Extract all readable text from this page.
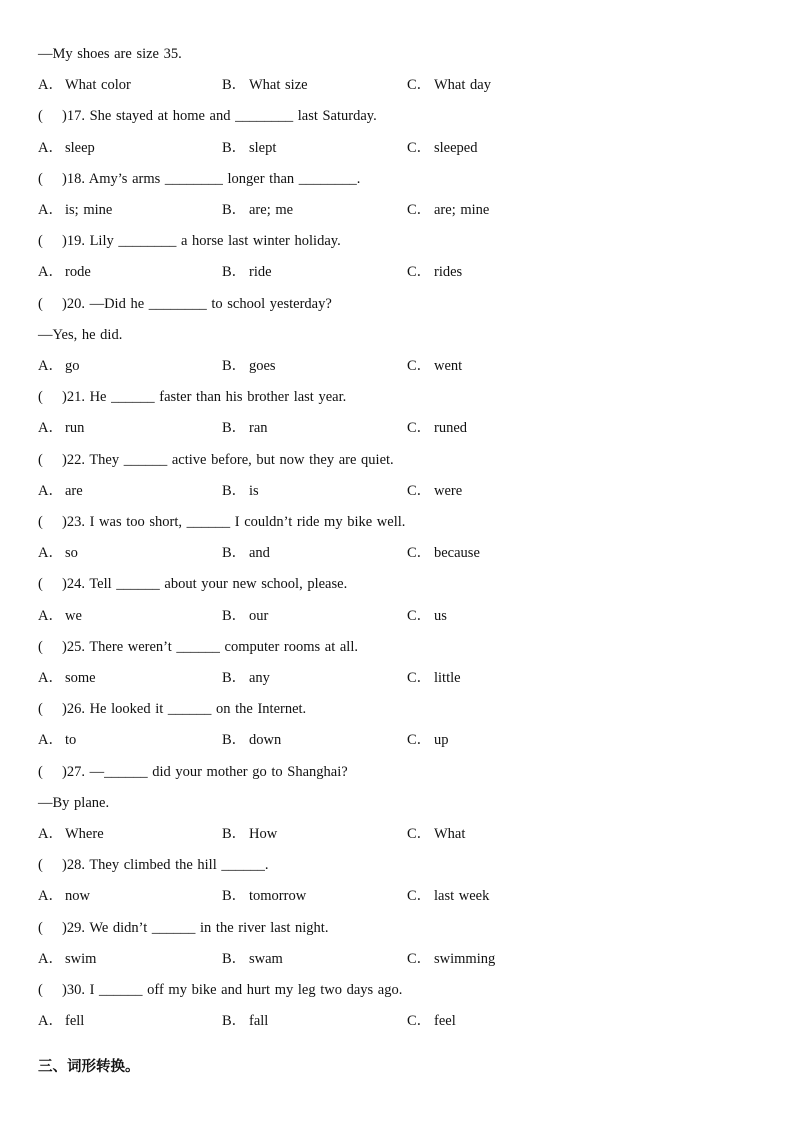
—My shoes are size 35.
A． What color	B． What size	C． What day
( )17. She stayed at home and ________ last Saturday.
A． sleep	B． slept	C． sleeped
( )18. Amy’s arms ________ longer than ________.
A． is; mine	B． are; me	C． are; mine
( )19. Lily ________ a horse last winter holiday.
A． rode	B． ride	C． rides
( )20. —Did he ________ to school yesterday?
—Yes, he did.
A． go	B． goes	C． went
( )21. He ______ faster than his brother last year.
A． run	B． ran	C． runed
( )22. They ______ active before, but now they are quiet.
A． are	B． is	C． were
( )23. I was too short, ______ I couldn’t ride my bike well.
A． so	B． and	C． because
( )24. Tell ______ about your new school, please.
A． we	B． our	C． us
( )25. There weren’t ______ computer rooms at all.
A． some	B． any	C． little
( )26. He looked it ______ on the Internet.
A． to	B． down	C． up
( )27. —______ did your mother go to Shanghai?
—By plane.
A． Where	B． How	C． What
( )28. They climbed the hill ______.
A． now	B． tomorrow	C． last week
( )29. We didn’t ______ in the river last night.
A． swim	B． swam	C． swimming
( )30. I ______ off my bike and hurt my leg two days ago.
A． fell	B． fall	C． feel
三、词形转换。
